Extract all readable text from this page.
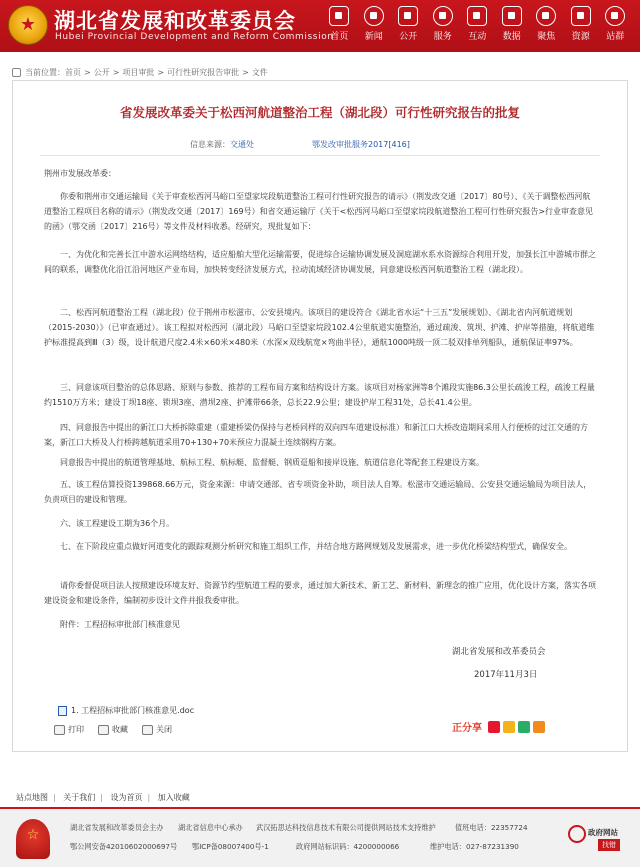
★
湖北省发展和改革委员会
Hubei Provincial Development and Reform Commission
首页	新闻	公开	服务	互动	数据	聚焦	资源	站群
当前位置： 首页 > 公开 > 项目审批 > 可行性研究报告审批 > 文件
省发展改革委关于松西河航道整治工程（湖北段）可行性研究报告的批复
信息来源：交通处	鄂发改审批服务2017[416]

荆州市发展改革委：

你委和荆州市交通运输局《关于审查松西河马峪口至望家垸段航道整治工程可行性研究报告的请示》（荆发改交通〔2017〕80号）、《关于调整松西河航道整治工程项目名称的请示》（荆发改交通〔2017〕169号）和省交通运输厅《关于<松西河马峪口至望家垸段航道整治工程可行性研究报告>行业审查意见的函》（鄂交函〔2017〕216号）等文件及材料收悉。经研究，现批复如下：

一、为优化和完善长江中游水运网络结构，适应船舶大型化运输需要，促进综合运输协调发展及洞庭湖水系水资源综合利用开发，加强长江中游城市群之间的联系，调整优化沿江沿河地区产业布局，加快转变经济发展方式，拉动流域经济协调发展，同意建设松西河航道整治工程（湖北段）。

二、松西河航道整治工程（湖北段）位于荆州市松滋市、公安县境内。该项目的建设符合《湖北省水运“十三五”发展规划》、《湖北省内河航道规划（2015-2030）》（已审查通过）。该工程拟对松西河（湖北段）马峪口至望家垸段102.4公里航道实施整治，通过疏浚、筑坝、护滩、护岸等措施，将航道维护标准提高到Ⅲ（3）级，设计航道尺度2.4米×60米×480米（水深×双线航宽×弯曲半径），通航1000吨级一顶二驳双排单列船队，通航保证率97%。

三、同意该项目整治的总体思路、原则与参数、推荐的工程布局方案和结构设计方案。该项目对杨家洲等8个滩段实施86.3公里长疏浚工程，疏浚工程量约1510万方米；建设丁坝18座、锁坝3座、潜坝2座、护滩带66条，总长22.9公里；建设护岸工程31处，总长41.4公里。

四、同意报告中提出的新江口大桥拆除重建（重建桥梁仍保持与老桥同样的双向四车道建设标准）和新江口大桥改造期间采用人行便桥的过江交通的方案，新江口大桥及人行桥跨越航道采用70+130+70米预应力混凝土连续钢构方案。

同意报告中提出的航道管理基地、航标工程、航标艇、监督艇、钢质趸船和接岸设施、航道信息化等配套工程建设方案。

五、该工程估算投资139868.66万元，资金来源：申请交通部、省专项资金补助，项目法人自筹。松滋市交通运输局、公安县交通运输局为项目法人，负责项目的建设和管理。

六、该工程建设工期为36个月。

七、在下阶段应重点做好河道变化的跟踪观测分析研究和施工组织工作，并结合地方路网规划及发展需求，进一步优化桥梁结构型式，确保安全。

请你委督促项目法人按照建设环境友好、资源节约型航道工程的要求，通过加大新技术、新工艺、新材料、新理念的推广应用，优化设计方案，落实各项建设资金和建设条件，编制初步设计文件并报我委审批。

附件：工程招标审批部门核准意见

湖北省发展和改革委员会
2017年11月3日
1. 工程招标审批部门核准意见.doc
打印	收藏	关闭	正分享
站点地图 | 关于我们 | 设为首页 | 加入收藏
☆
湖北省发展和改革委员会主办 湖北省信息中心承办 武汉拓思达科技信息技术有限公司提供网站技术支持维护	值班电话：22357724
鄂公网安备42010602000697号 鄂ICP备08007400号-1	政府网站标识码：4200000066	维护电话：027-87231390
政府网站
找错
